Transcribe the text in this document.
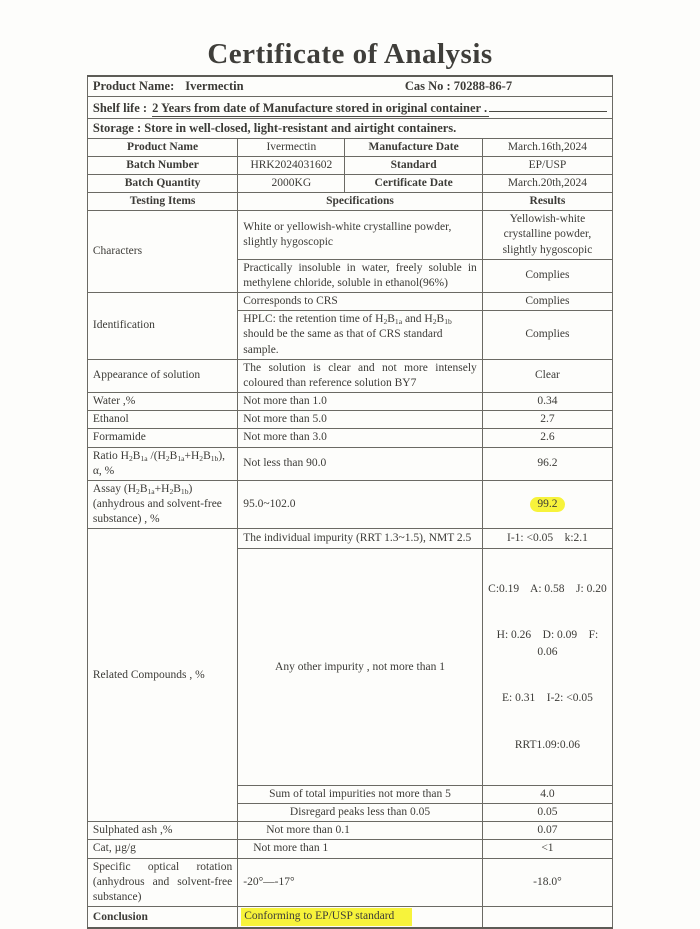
Certificate of Analysis
Product Name: Ivermectin Cas No : 70288-86-7			

Shelf life : 2 Years from date of Manufacture stored in original container .			

Storage : Store in well-closed, light-resistant and airtight containers.			
Product Name	Ivermectin	Manufacture Date	March.16th,2024
Batch Number	HRK2024031602	Standard	EP/USP
Batch Quantity	2000KG	Certificate Date	March.20th,2024
Testing Items	Specifications		Results
Characters	White or yellowish-white crystalline powder, slightly hygoscopic		Yellowish-white crystalline powder, slightly hygoscopic
	Practically insoluble in water, freely soluble in methylene chloride, soluble in ethanol(96%)		Complies
Identification	Corresponds to CRS		Complies
	HPLC: the retention time of $H_2B_{1a}$ and $H_2B_{1b}$ should be the same as that of CRS standard sample.		Complies
Appearance of solution	The solution is clear and not more intensely coloured than reference solution BY7		Clear
Water ,%	Not more than 1.0		0.34
Ethanol	Not more than 5.0		2.7
Formamide	Not more than 3.0		2.6
Ratio $H_2B_{1a}$ $/(H_2B_{1a}+H_2B_{1b})$, α, %	Not less than 90.0		96.2
Assay $(H_2B_{1a}+H_2B_{1b})$ (anhydrous and solvent-free substance) , %	95.0~102.0		99.2
Related Compounds , %	The individual impurity (RRT 1.3~1.5), NMT 2.5		I-1: <0.05    k:2.1
	Any other impurity , not more than 1		C:0.19    A: 0.58    J: 0.20

H: 0.26    D: 0.09    F: 0.06

E: 0.31    I-2: <0.05

RRT1.09:0.06

	Sum of total impurities not more than 5		4.0
	Disregard peaks less than 0.05		0.05
Sulphated ash ,%	Not more than 0.1		0.07
Cat, µg/g	Not more than 1		<1
Specific optical rotation (anhydrous and solvent-free substance)	-20°—-17°		-18.0°
Conclusion	Conforming to EP/USP standard		
